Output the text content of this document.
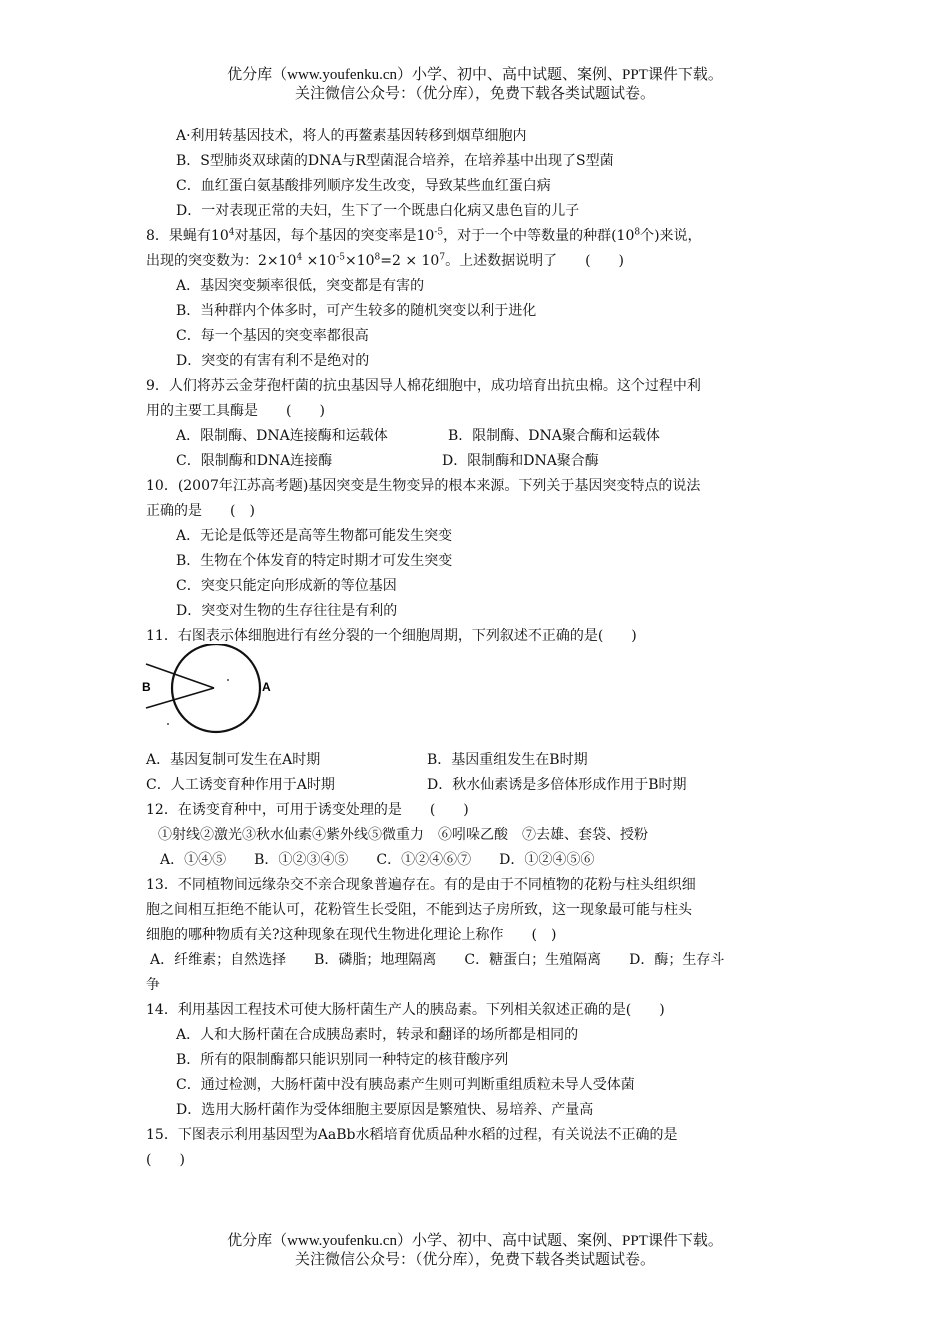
优分库（www.youfenku.cn）小学、初中、高中试题、案例、PPT课件下载。
关注微信公众号：（优分库），免费下载各类试题试卷。
A·利用转基因技术，将人的再鳌素基因转移到烟草细胞内
B．S型肺炎双球菌的DNA与R型菌混合培养，在培养基中出现了S型菌
C．血红蛋白氨基酸排列顺序发生改变，导致某些血红蛋白病
D．一对表现正常的夫妇，生下了一个既患白化病又患色盲的儿子
8．果蝇有$10^4$对基因，每个基因的突变率是$10^{-5}$，对于一个中等数量的种群($10^8$个)来说，
出现的突变数为：$2\times 10^4 \times 10^{-5}\times 10^8=2 \times 10^7$。上述数据说明了　　(　　)
A．基因突变频率很低，突变都是有害的
B．当种群内个体多时，可产生较多的随机突变以利于进化
C．每一个基因的突变率都很高
D．突变的有害有利不是绝对的
9．人们将苏云金芽孢杆菌的抗虫基因导人棉花细胞中，成功培育出抗虫棉。这个过程中利
用的主要工具酶是　　(　　)
A．限制酶、DNA连接酶和运载体	B．限制酶、DNA聚合酶和运载体
C．限制酶和DNA连接酶	D．限制酶和DNA聚合酶
10．(2007年江苏高考题)基因突变是生物变异的根本来源。下列关于基因突变特点的说法
正确的是　　(　)
A．无论是低等还是高等生物都可能发生突变
B．生物在个体发育的特定时期才可发生突变
C．突变只能定向形成新的等位基因
D．突变对生物的生存往往是有利的
11．右图表示体细胞进行有丝分裂的一个细胞周期，下列叙述不正确的是(　　)
B	A
A．基因复制可发生在A时期	B．基因重组发生在B时期
C．人工诱变育种作用于A时期	D．秋水仙素诱是多倍体形成作用于B时期
12．在诱变育种中，可用于诱变处理的是　　(　　)
①射线②激光③秋水仙素④紫外线⑤微重力　⑥吲哚乙酸　⑦去雄、套袋、授粉
A．①④⑤　　B．①②③④⑤　　C．①②④⑥⑦　　D．①②④⑤⑥
13．不同植物间远缘杂交不亲合现象普遍存在。有的是由于不同植物的花粉与柱头组织细
胞之间相互拒绝不能认可，花粉管生长受阻，不能到达子房所致，这一现象最可能与柱头
细胞的哪种物质有关?这种现象在现代生物进化理论上称作　　(　)
A．纤维素；自然选择　　B．磷脂；地理隔离　　C．糖蛋白；生殖隔离　　D．酶；生存斗
争
14．利用基因工程技术可使大肠杆菌生产人的胰岛素。下列相关叙述正确的是(　　)
A．人和大肠杆菌在合成胰岛素时，转录和翻译的场所都是相同的
B．所有的限制酶都只能识别同一种特定的核苷酸序列
C．通过检测，大肠杆菌中没有胰岛素产生则可判断重组质粒未导人受体菌
D．选用大肠杆菌作为受体细胞主要原因是繁殖快、易培养、产量高
15．下图表示利用基因型为AaBb水稻培育优质品种水稻的过程，有关说法不正确的是
(　　)
优分库（www.youfenku.cn）小学、初中、高中试题、案例、PPT课件下载。
关注微信公众号：（优分库），免费下载各类试题试卷。
